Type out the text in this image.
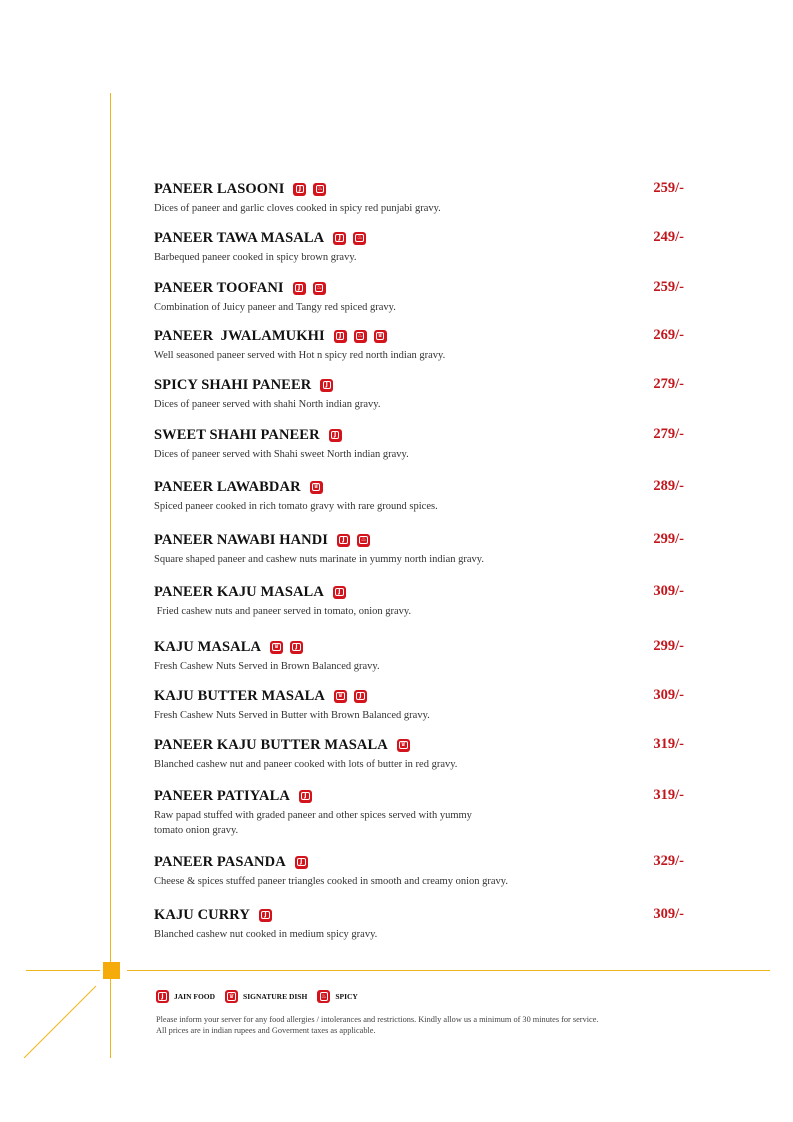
PANEER LASOONI J	♨	259/-
Dices of paneer and garlic cloves cooked in spicy red punjabi gravy.
PANEER TAWA MASALA J	♨	249/-
Barbequed paneer cooked in spicy brown gravy.
PANEER TOOFANI J	♨	259/-
Combination of Juicy paneer and Tangy red spiced gravy.
PANEER  JWALAMUKHI J	♨ ♛	269/-
Well seasoned paneer served with Hot n spicy red north indian gravy.
SPICY SHAHI PANEER J	279/-
Dices of paneer served with shahi North indian gravy.
SWEET SHAHI PANEER J	279/-
Dices of paneer served with Shahi sweet North indian gravy.
PANEER LAWABDAR ♛	289/-
Spiced paneer cooked in rich tomato gravy with rare ground spices.
PANEER NAWABI HANDI J	♨	299/-
Square shaped paneer and cashew nuts marinate in yummy north indian gravy.
PANEER KAJU MASALA J	309/-
Fried cashew nuts and paneer served in tomato, onion gravy.
KAJU MASALA ♛	J	299/-
Fresh Cashew Nuts Served in Brown Balanced gravy.
KAJU BUTTER MASALA ♛	J	309/-
Fresh Cashew Nuts Served in Butter with Brown Balanced gravy.
PANEER KAJU BUTTER MASALA ♛	319/-
Blanched cashew nut and paneer cooked with lots of butter in red gravy.
PANEER PATIYALA J	319/-
Raw papad stuffed with graded paneer and other spices served with yummy
tomato onion gravy.
PANEER PASANDA J	329/-
Cheese & spices stuffed paneer triangles cooked in smooth and creamy onion gravy.
KAJU CURRY J	309/-
Blanched cashew nut cooked in medium spicy gravy.
J JAIN FOOD ♛ SIGNATURE DISH ♨ SPICY
Please inform your server for any food allergies / intolerances and restrictions. Kindly allow us a minimum of 30 minutes for service.
All prices are in indian rupees and Goverment taxes as applicable.
